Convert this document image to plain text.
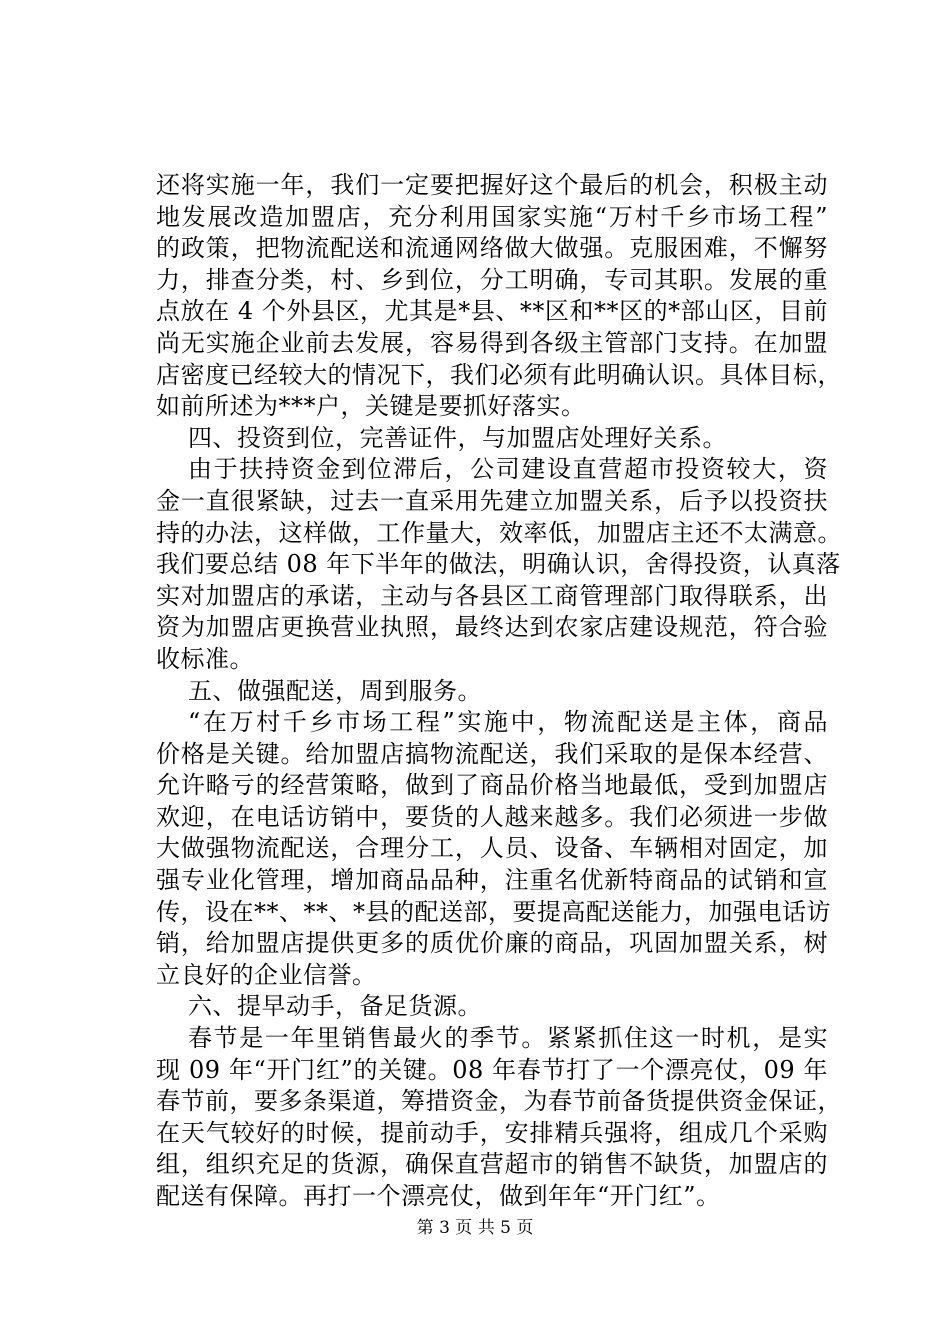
还将实施一年，我们一定要把握好这个最后的机会，积极主动
地发展改造加盟店，充分利用国家实施“万村千乡市场工程”
的政策，把物流配送和流通网络做大做强。克服困难，不懈努
力，排查分类，村、乡到位，分工明确，专司其职。发展的重
点放在 4 个外县区，尤其是*县、**区和**区的*部山区，目前
尚无实施企业前去发展，容易得到各级主管部门支持。在加盟
店密度已经较大的情况下，我们必须有此明确认识。具体目标，
如前所述为***户，关键是要抓好落实。
四、投资到位，完善证件，与加盟店处理好关系。
由于扶持资金到位滞后，公司建设直营超市投资较大，资
金一直很紧缺，过去一直采用先建立加盟关系，后予以投资扶
持的办法，这样做，工作量大，效率低，加盟店主还不太满意。
我们要总结 08 年下半年的做法，明确认识，舍得投资，认真落
实对加盟店的承诺，主动与各县区工商管理部门取得联系，出
资为加盟店更换营业执照，最终达到农家店建设规范，符合验
收标准。
五、做强配送，周到服务。
“在万村千乡市场工程”实施中，物流配送是主体，商品
价格是关键。给加盟店搞物流配送，我们采取的是保本经营、
允许略亏的经营策略，做到了商品价格当地最低，受到加盟店
欢迎，在电话访销中，要货的人越来越多。我们必须进一步做
大做强物流配送，合理分工，人员、设备、车辆相对固定，加
强专业化管理，增加商品品种，注重名优新特商品的试销和宣
传，设在**、**、*县的配送部，要提高配送能力，加强电话访
销，给加盟店提供更多的质优价廉的商品，巩固加盟关系，树
立良好的企业信誉。
六、提早动手，备足货源。
春节是一年里销售最火的季节。紧紧抓住这一时机，是实
现 09 年“开门红”的关键。08 年春节打了一个漂亮仗，09 年
春节前，要多条渠道，筹措资金，为春节前备货提供资金保证，
在天气较好的时候，提前动手，安排精兵强将，组成几个采购
组，组织充足的货源，确保直营超市的销售不缺货，加盟店的
配送有保障。再打一个漂亮仗，做到年年“开门红”。
第 3 页 共 5 页
